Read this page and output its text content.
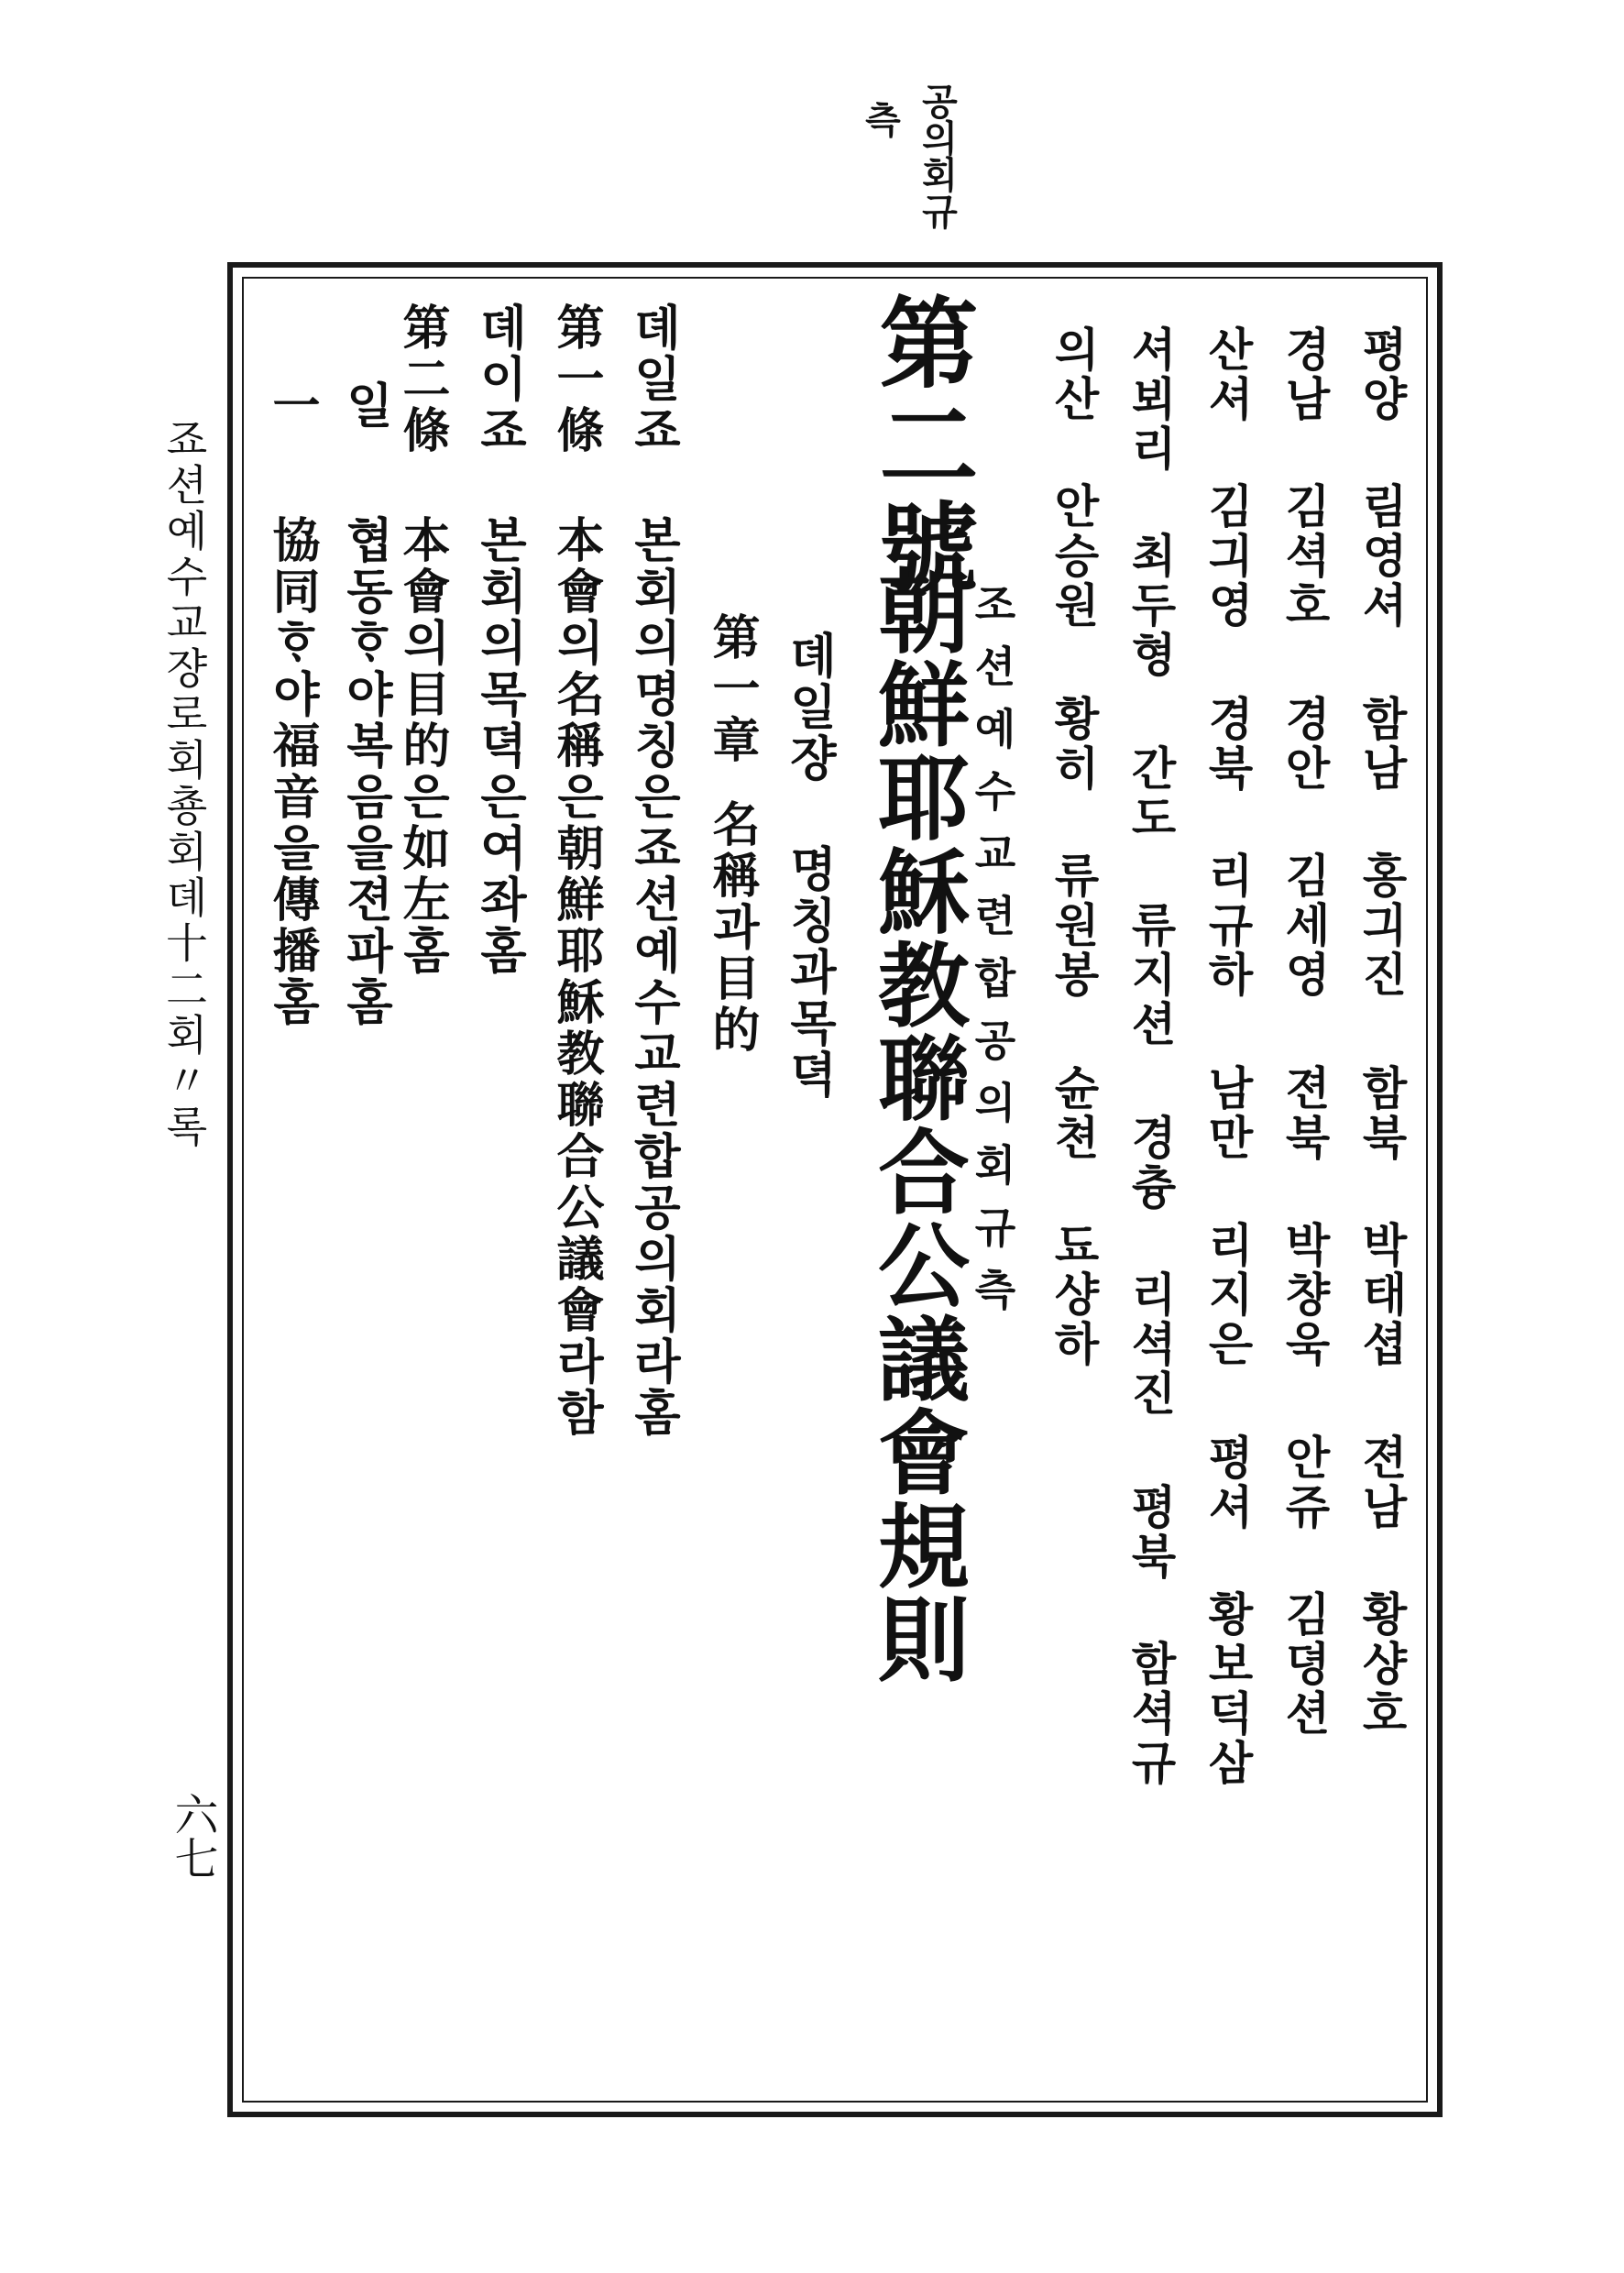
공의회규
측
죠션예수교쟝로회춍회뎨十二회〃록
六七
평양 림영셔함남 홍긔진함북 박태셥젼남 황샹호
경남 김셕호경안 김세영젼북 박챵욱안쥬 김뎡션
산셔 김긔영경북 리규하남만 리지은평셔 황보덕삼
셔뵈리 최두형간도 류지션경츙 리셕진평북 함셕규
의산 안승원황히 류원봉슌쳔 됴샹하
第二號
조션예수교련합공의회규측
朝鮮耶穌教聯合公議會規則
뎨일쟝 명칭과목뎍
第一章名稱과目的
뎨일죠본회의명칭은죠션예수교련합공의회라홈
第一條本會의名稱은朝鮮耶穌教聯合公議會라함
뎨이죠본회의목뎍은여좌홈
第二條本會의目的은如左홈
일
협동ᄒᆞ야복음을젼파홈
一協同ᄒᆞ야福音을傳播홈
